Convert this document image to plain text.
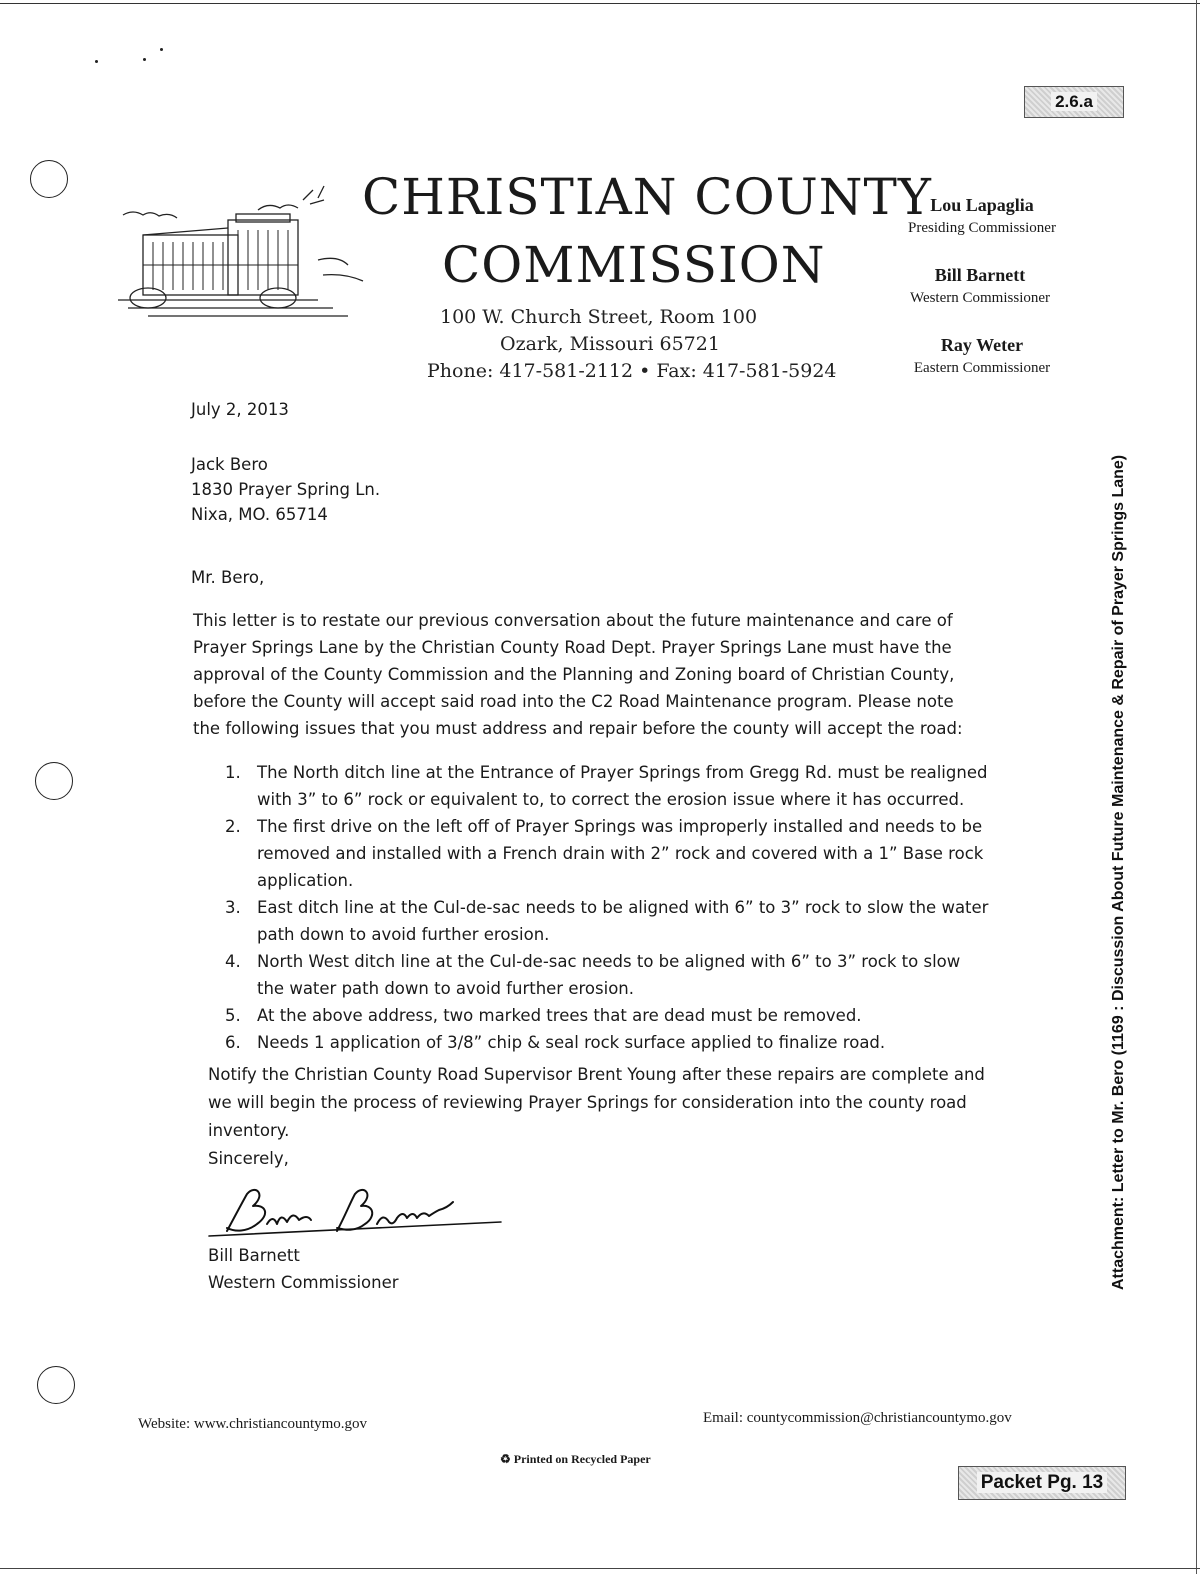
2.6.a
CHRISTIAN COUNTY
COMMISSION
100 W. Church Street, Room 100
Ozark, Missouri 65721
Phone: 417-581-2112 • Fax: 417-581-5924
Lou Lapaglia
Presiding Commissioner
Bill Barnett
Western Commissioner
Ray Weter
Eastern Commissioner
July 2, 2013
Jack Bero
1830 Prayer Spring Ln.
Nixa, MO. 65714
Mr. Bero,
This letter is to restate our previous conversation about the future maintenance and care of
Prayer Springs Lane by the Christian County Road Dept. Prayer Springs Lane must have the
approval of the County Commission and the Planning and Zoning board of Christian County,
before the County will accept said road into the C2 Road Maintenance program. Please note
the following issues that you must address and repair before the county will accept the road:
1. The North ditch line at the Entrance of Prayer Springs from Gregg Rd. must be realigned
with 3” to 6” rock or equivalent to, to correct the erosion issue where it has occurred.
2. The first drive on the left off of Prayer Springs was improperly installed and needs to be
removed and installed with a French drain with 2” rock and covered with a 1” Base rock
application.
3. East ditch line at the Cul-de-sac needs to be aligned with 6” to 3” rock to slow the water
path down to avoid further erosion.
4. North West ditch line at the Cul-de-sac needs to be aligned with 6” to 3” rock to slow
the water path down to avoid further erosion.
5. At the above address, two marked trees that are dead must be removed.
6. Needs 1 application of 3/8” chip & seal rock surface applied to finalize road.
Notify the Christian County Road Supervisor Brent Young after these repairs are complete and
we will begin the process of reviewing Prayer Springs for consideration into the county road
inventory.
Sincerely,
Bill Barnett
Western Commissioner
Website: www.christiancountymo.gov	Email: countycommission@christiancountymo.gov
♻ Printed on Recycled Paper
Packet Pg. 13
Attachment: Letter to Mr. Bero (1169 : Discussion About Future Maintenance & Repair of Prayer Springs Lane)
